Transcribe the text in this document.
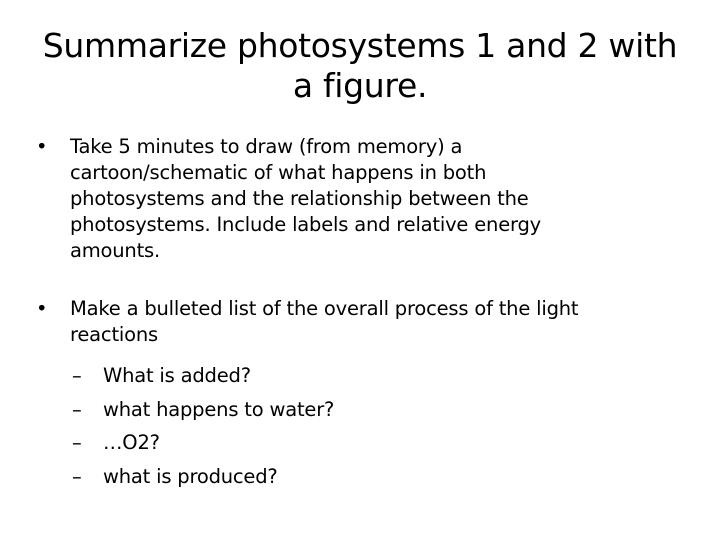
Summarize photosystems 1 and 2 with
a figure.
•	Take 5 minutes to draw (from memory) a
cartoon/schematic of what happens in both
photosystems and the relationship between the
photosystems. Include labels and relative energy
amounts.
•	Make a bulleted list of the overall process of the light
reactions
–	What is added?
–	what happens to water?
–	…O2?
–	what is produced?
